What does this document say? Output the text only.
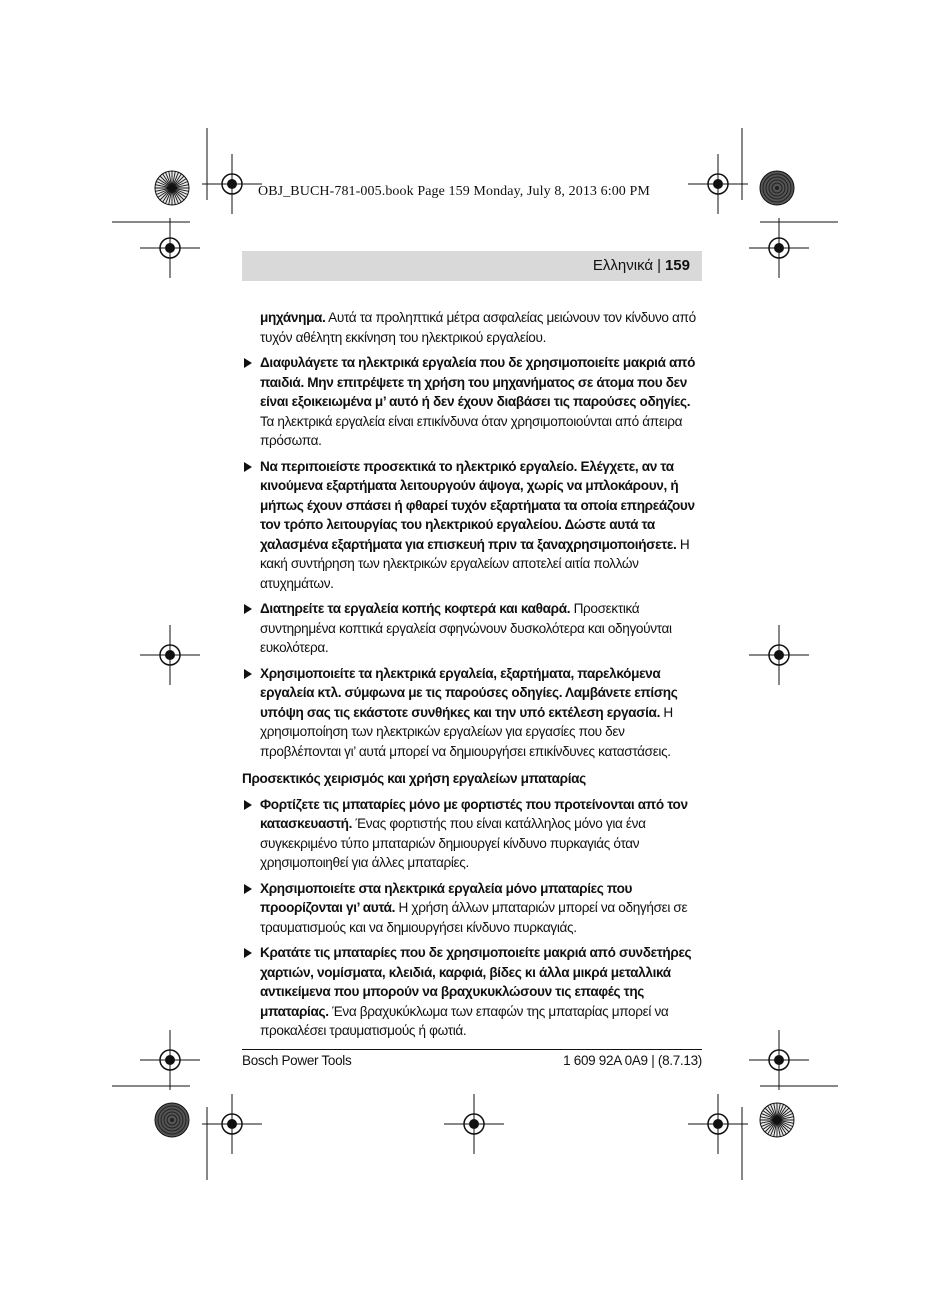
OBJ_BUCH-781-005.book Page 159 Monday, July 8, 2013 6:00 PM
Ελληνικά | 159

μηχάνημα. Αυτά τα προληπτικά μέτρα ασφαλείας μειώνουν τον κίνδυνο από τυχόν αθέλητη εκκίνηση του ηλεκτρικού εργαλείου.

Διαφυλάγετε τα ηλεκτρικά εργαλεία που δε χρησιμοποιείτε μακριά από παιδιά. Μην επιτρέψετε τη χρήση του μηχανήματος σε άτομα που δεν είναι εξοικειωμένα μ’ αυτό ή δεν έχουν διαβάσει τις παρούσες οδηγίες. Τα ηλεκτρικά εργαλεία είναι επικίνδυνα όταν χρησιμοποιούνται από άπειρα πρόσωπα.
Να περιποιείστε προσεκτικά το ηλεκτρικό εργαλείο. Ελέγχετε, αν τα κινούμενα εξαρτήματα λειτουργούν άψογα, χωρίς να μπλοκάρουν, ή μήπως έχουν σπάσει ή φθαρεί τυχόν εξαρτήματα τα οποία επηρεάζουν τον τρόπο λειτουργίας του ηλεκτρικού εργαλείου. Δώστε αυτά τα χαλασμένα εξαρτήματα για επισκευή πριν τα ξαναχρησιμοποιήσετε. Η κακή συντήρηση των ηλεκτρικών εργαλείων αποτελεί αιτία πολλών ατυχημάτων.
Διατηρείτε τα εργαλεία κοπής κοφτερά και καθαρά. Προσεκτικά συντηρημένα κοπτικά εργαλεία σφηνώνουν δυσκολότερα και οδηγούνται ευκολότερα.
Χρησιμοποιείτε τα ηλεκτρικά εργαλεία, εξαρτήματα, παρελκόμενα εργαλεία κτλ. σύμφωνα με τις παρούσες οδηγίες. Λαμβάνετε επίσης υπόψη σας τις εκάστοτε συνθήκες και την υπό εκτέλεση εργασία. Η χρησιμοποίηση των ηλεκτρικών εργαλείων για εργασίες που δεν προβλέπονται γι’ αυτά μπορεί να δημιουργήσει επικίνδυνες καταστάσεις.
Προσεκτικός χειρισμός και χρήση εργαλείων μπαταρίας
Φορτίζετε τις μπαταρίες μόνο με φορτιστές που προτείνονται από τον κατασκευαστή. Ένας φορτιστής που είναι κατάλληλος μόνο για ένα συγκεκριμένο τύπο μπαταριών δημιουργεί κίνδυνο πυρκαγιάς όταν χρησιμοποιηθεί για άλλες μπαταρίες.
Χρησιμοποιείτε στα ηλεκτρικά εργαλεία μόνο μπαταρίες που προορίζονται γι’ αυτά. Η χρήση άλλων μπαταριών μπορεί να οδηγήσει σε τραυματισμούς και να δημιουργήσει κίνδυνο πυρκαγιάς.
Κρατάτε τις μπαταρίες που δε χρησιμοποιείτε μακριά από συνδετήρες χαρτιών, νομίσματα, κλειδιά, καρφιά, βίδες κι άλλα μικρά μεταλλικά αντικείμενα που μπορούν να βραχυκυκλώσουν τις επαφές της μπαταρίας. Ένα βραχυκύκλωμα των επαφών της μπαταρίας μπορεί να προκαλέσει τραυματισμούς ή φωτιά.
Bosch Power Tools	1 609 92A 0A9 | (8.7.13)
